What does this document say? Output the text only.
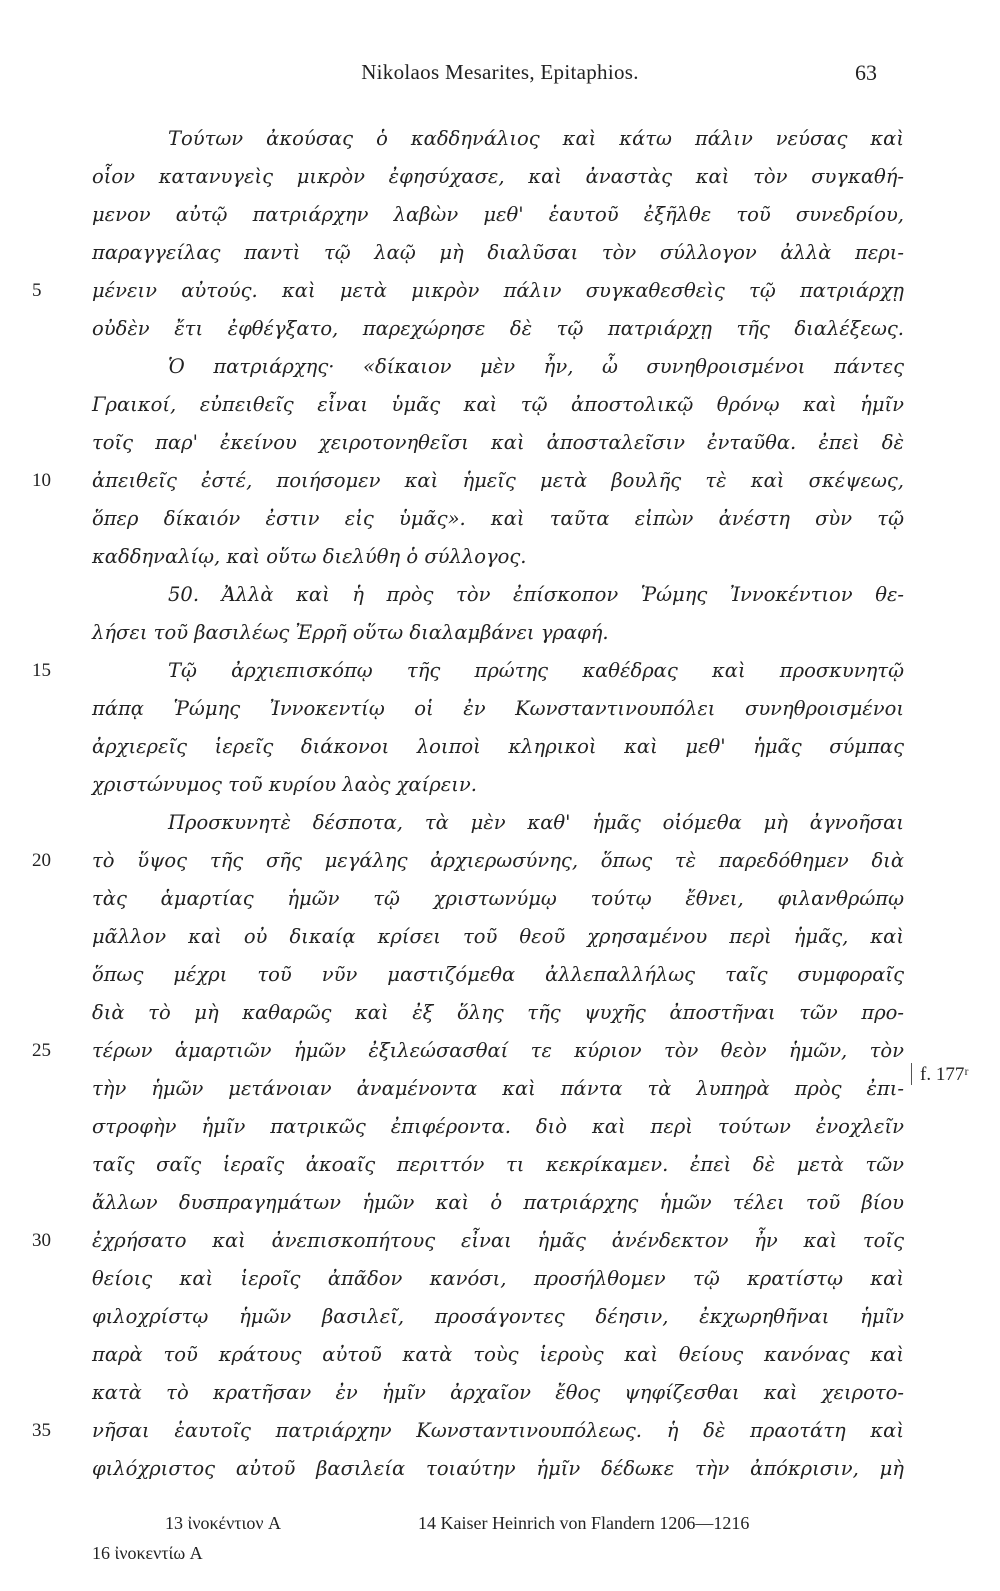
Nikolaos Mesarites, Epitaphios.	63
Τούτων ἀκούσας ὁ καδδηνάλιος καὶ κάτω πάλιν νεύσας καὶ
οἷον κατανυγεὶς μικρὸν ἐφησύχασε, καὶ ἀναστὰς καὶ τὸν συγκαθή-
μενον αὐτῷ πατριάρχην λαβὼν μεθ' ἑαυτοῦ ἐξῆλθε τοῦ συνεδρίου,
παραγγείλας παντὶ τῷ λαῷ μὴ διαλῦσαι τὸν σύλλογον ἀλλὰ περι-
μένειν αὐτούς. καὶ μετὰ μικρὸν πάλιν συγκαθεσθεὶς τῷ πατριάρχῃ
οὐδὲν ἔτι ἐφθέγξατο, παρεχώρησε δὲ τῷ πατριάρχῃ τῆς διαλέξεως.
Ὁ πατριάρχης· «δίκαιον μὲν ἦν, ὦ συνηθροισμένοι πάντες
Γραικοί, εὐπειθεῖς εἶναι ὑμᾶς καὶ τῷ ἀποστολικῷ θρόνῳ καὶ ἡμῖν
τοῖς παρ' ἐκείνου χειροτονηθεῖσι καὶ ἀποσταλεῖσιν ἐνταῦθα. ἐπεὶ δὲ
ἀπειθεῖς ἐστέ, ποιήσομεν καὶ ἡμεῖς μετὰ βουλῆς τὲ καὶ σκέψεως,
ὅπερ δίκαιόν ἐστιν εἰς ὑμᾶς». καὶ ταῦτα εἰπὼν ἀνέστη σὺν τῷ
καδδηναλίῳ, καὶ οὕτω διελύθη ὁ σύλλογος.
50. Ἀλλὰ καὶ ἡ πρὸς τὸν ἐπίσκοπον Ῥώμης Ἰννοκέντιον θε-
λήσει τοῦ βασιλέως Ἐρρῆ οὕτω διαλαμβάνει γραφή.
Τῷ ἀρχιεπισκόπῳ τῆς πρώτης καθέδρας καὶ προσκυνητῷ
πάπᾳ Ῥώμης Ἰννοκεντίῳ οἱ ἐν Κωνσταντινουπόλει συνηθροισμένοι
ἀρχιερεῖς ἱερεῖς διάκονοι λοιποὶ κληρικοὶ καὶ μεθ' ἡμᾶς σύμπας
χριστώνυμος τοῦ κυρίου λαὸς χαίρειν.
Προσκυνητὲ δέσποτα, τὰ μὲν καθ' ἡμᾶς οἰόμεθα μὴ ἀγνοῆσαι
τὸ ὕψος τῆς σῆς μεγάλης ἀρχιερωσύνης, ὅπως τὲ παρεδόθημεν διὰ
τὰς ἁμαρτίας ἡμῶν τῷ χριστωνύμῳ τούτῳ ἔθνει, φιλανθρώπῳ
μᾶλλον καὶ οὐ δικαίᾳ κρίσει τοῦ θεοῦ χρησαμένου περὶ ἡμᾶς, καὶ
ὅπως μέχρι τοῦ νῦν μαστιζόμεθα ἀλλεπαλλήλως ταῖς συμφοραῖς
διὰ τὸ μὴ καθαρῶς καὶ ἐξ ὅλης τῆς ψυχῆς ἀποστῆναι τῶν προ-
τέρων ἁμαρτιῶν ἡμῶν ἐξιλεώσασθαί τε κύριον τὸν θεὸν ἡμῶν, τὸν
τὴν ἡμῶν μετάνοιαν ἀναμένοντα καὶ πάντα τὰ λυπηρὰ πρὸς ἐπι-
στροφὴν ἡμῖν πατρικῶς ἐπιφέροντα. διὸ καὶ περὶ τούτων ἐνοχλεῖν
ταῖς σαῖς ἱεραῖς ἀκοαῖς περιττόν τι κεκρίκαμεν. ἐπεὶ δὲ μετὰ τῶν
ἄλλων δυσπραγημάτων ἡμῶν καὶ ὁ πατριάρχης ἡμῶν τέλει τοῦ βίου
ἐχρήσατο καὶ ἀνεπισκοπήτους εἶναι ἡμᾶς ἀνένδεκτον ἦν καὶ τοῖς
θείοις καὶ ἱεροῖς ἀπᾶδον κανόσι, προσήλθομεν τῷ κρατίστῳ καὶ
φιλοχρίστῳ ἡμῶν βασιλεῖ, προσάγοντες δέησιν, ἐκχωρηθῆναι ἡμῖν
παρὰ τοῦ κράτους αὐτοῦ κατὰ τοὺς ἱεροὺς καὶ θείους κανόνας καὶ
κατὰ τὸ κρατῆσαν ἐν ἡμῖν ἀρχαῖον ἔθος ψηφίζεσθαι καὶ χειροτο-
νῆσαι ἑαυτοῖς πατριάρχην Κωνσταντινουπόλεως. ἡ δὲ πραοτάτη καὶ
φιλόχριστος αὐτοῦ βασιλεία τοιαύτην ἡμῖν δέδωκε τὴν ἀπόκρισιν, μὴ
5
10
15
20
25
30
35
f. 177ʳ
13 ἰνοκέντιον A	14 Kaiser Heinrich von Flandern 1206—1216
16 ἰνοκεντίω A
